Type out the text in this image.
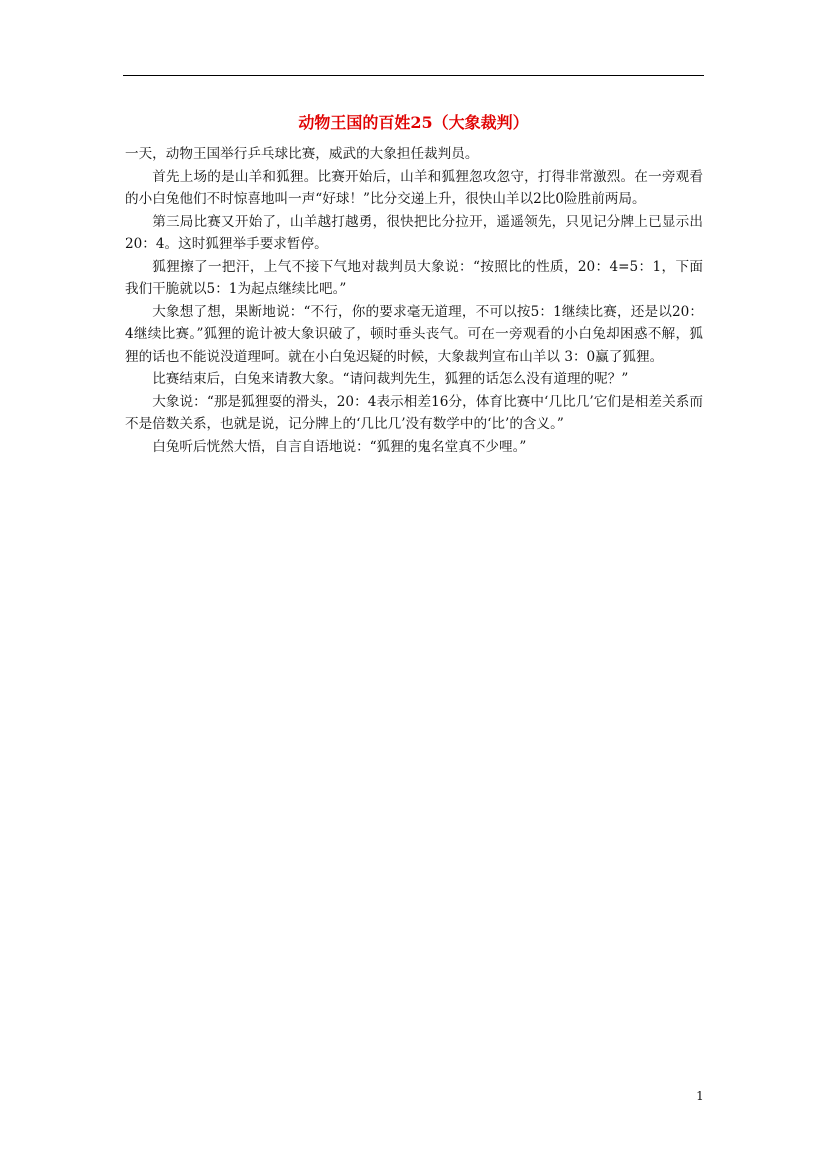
动物王国的百姓25（大象裁判）

一天，动物王国举行乒乓球比赛，威武的大象担任裁判员。

首先上场的是山羊和狐狸。比赛开始后，山羊和狐狸忽攻忽守，打得非常激烈。在一旁观看的小白兔他们不时惊喜地叫一声“好球！”比分交递上升，很快山羊以2比0险胜前两局。

第三局比赛又开始了，山羊越打越勇，很快把比分拉开，遥遥领先，只见记分牌上已显示出 20：4。这时狐狸举手要求暂停。

狐狸擦了一把汗，上气不接下气地对裁判员大象说：“按照比的性质，20：4=5：1，下面我们干脆就以5：1为起点继续比吧。”

大象想了想，果断地说：“不行，你的要求毫无道理，不可以按5：1继续比赛，还是以20：4继续比赛。”狐狸的诡计被大象识破了，顿时垂头丧气。可在一旁观看的小白兔却困惑不解，狐狸的话也不能说没道理呵。就在小白兔迟疑的时候，大象裁判宣布山羊以 3：0赢了狐狸。

比赛结束后，白兔来请教大象。“请问裁判先生，狐狸的话怎么没有道理的呢？”

大象说：“那是狐狸耍的滑头，20：4表示相差16分，体育比赛中‘几比几’它们是相差关系而不是倍数关系，也就是说，记分牌上的‘几比几’没有数学中的‘比’的含义。”

白兔听后恍然大悟，自言自语地说：“狐狸的鬼名堂真不少哩。”

1
